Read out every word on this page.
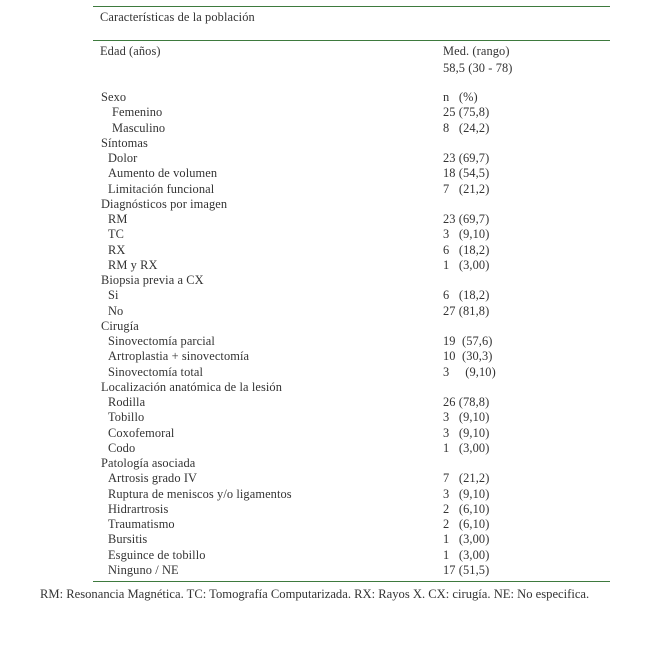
Características de la población
Edad (años)	Med. (rango)
58,5 (30 - 78)
Sexo	n   (%)
Femenino	25 (75,8)
Masculino	8   (24,2)
Síntomas
Dolor	23 (69,7)
Aumento de volumen	18 (54,5)
Limitación funcional	7   (21,2)
Diagnósticos por imagen
RM	23 (69,7)
TC	3   (9,10)
RX	6   (18,2)
RM y RX	1   (3,00)
Biopsia previa a CX
Si	6   (18,2)
No	27 (81,8)
Cirugía
Sinovectomía parcial	19  (57,6)
Artroplastia + sinovectomía	10  (30,3)
Sinovectomía total	3     (9,10)
Localización anatómica de la lesión
Rodilla	26 (78,8)
Tobillo	3   (9,10)
Coxofemoral	3   (9,10)
Codo	1   (3,00)
Patología asociada
Artrosis grado IV	7   (21,2)
Ruptura de meniscos y/o ligamentos	3   (9,10)
Hidrartrosis	2   (6,10)
Traumatismo	2   (6,10)
Bursitis	1   (3,00)
Esguince de tobillo	1   (3,00)
Ninguno / NE	17 (51,5)
RM: Resonancia Magnética. TC: Tomografía Computarizada. RX: Rayos X. CX: cirugía. NE: No especifica.
